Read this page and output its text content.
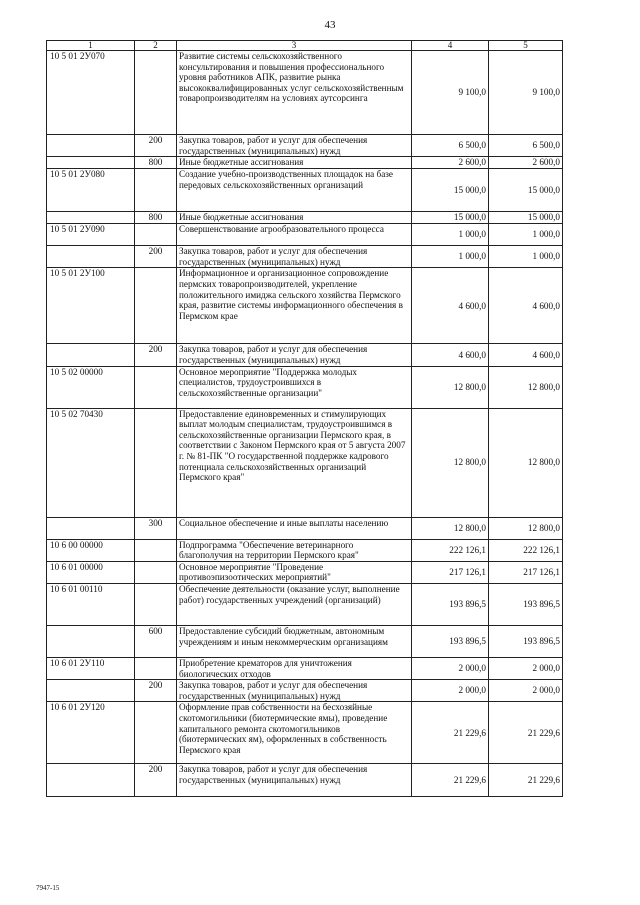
43
1	2	3	4	5
10 5 01 2У070		Развитие системы сельскохозяйственного консультирования и повышения профессионального уровня работников АПК, развитие рынка высококвалифицированных услуг сельскохозяйственным товаропроизводителям на условиях аутсорсинга	9 100,0	9 100,0
	200	Закупка товаров, работ и услуг для обеспечения государственных (муниципальных) нужд	6 500,0	6 500,0
	800	Иные бюджетные ассигнования	2 600,0	2 600,0
10 5 01 2У080		Создание учебно-производственных площадок на базе передовых сельскохозяйственных организаций	15 000,0	15 000,0
	800	Иные бюджетные ассигнования	15 000,0	15 000,0
10 5 01 2У090		Совершенствование агрообразовательного процесса	1 000,0	1 000,0
	200	Закупка товаров, работ и услуг для обеспечения государственных (муниципальных) нужд	1 000,0	1 000,0
10 5 01 2У100		Информационное и организационное сопровождение пермских товаропроизводителей, укрепление положительного имиджа сельского хозяйства Пермского края, развитие системы информационного обеспечения в Пермском крае	4 600,0	4 600,0
	200	Закупка товаров, работ и услуг для обеспечения государственных (муниципальных) нужд	4 600,0	4 600,0
10 5 02 00000		Основное мероприятие "Поддержка молодых специалистов, трудоустроившихся в сельскохозяйственные организации"	12 800,0	12 800,0
10 5 02 70430		Предоставление единовременных и стимулирующих выплат молодым специалистам, трудоустроившимся в сельскохозяйственные организации Пермского края, в соответствии с Законом Пермского края от 5 августа 2007 г. № 81-ПК "О государственной поддержке кадрового потенциала сельскохозяйственных организаций Пермского края"	12 800,0	12 800,0
	300	Социальное обеспечение и иные выплаты населению	12 800,0	12 800,0
10 6 00 00000		Подпрограмма "Обеспечение ветеринарного благополучия на территории Пермского края"	222 126,1	222 126,1
10 6 01 00000		Основное мероприятие "Проведение противоэпизоотических мероприятий"	217 126,1	217 126,1
10 6 01 00110		Обеспечение деятельности (оказание услуг, выполнение работ) государственных учреждений (организаций)	193 896,5	193 896,5
	600	Предоставление субсидий бюджетным, автономным учреждениям и иным некоммерческим организациям	193 896,5	193 896,5
10 6 01 2У110		Приобретение крематоров для уничтожения биологических отходов	2 000,0	2 000,0
	200	Закупка товаров, работ и услуг для обеспечения государственных (муниципальных) нужд	2 000,0	2 000,0
10 6 01 2У120		Оформление прав собственности на бесхозяйные скотомогильники (биотермические ямы), проведение капитального ремонта скотомогильников (биотермических ям), оформленных в собственность Пермского края	21 229,6	21 229,6
	200	Закупка товаров, работ и услуг для обеспечения государственных (муниципальных) нужд	21 229,6	21 229,6
7947-15
